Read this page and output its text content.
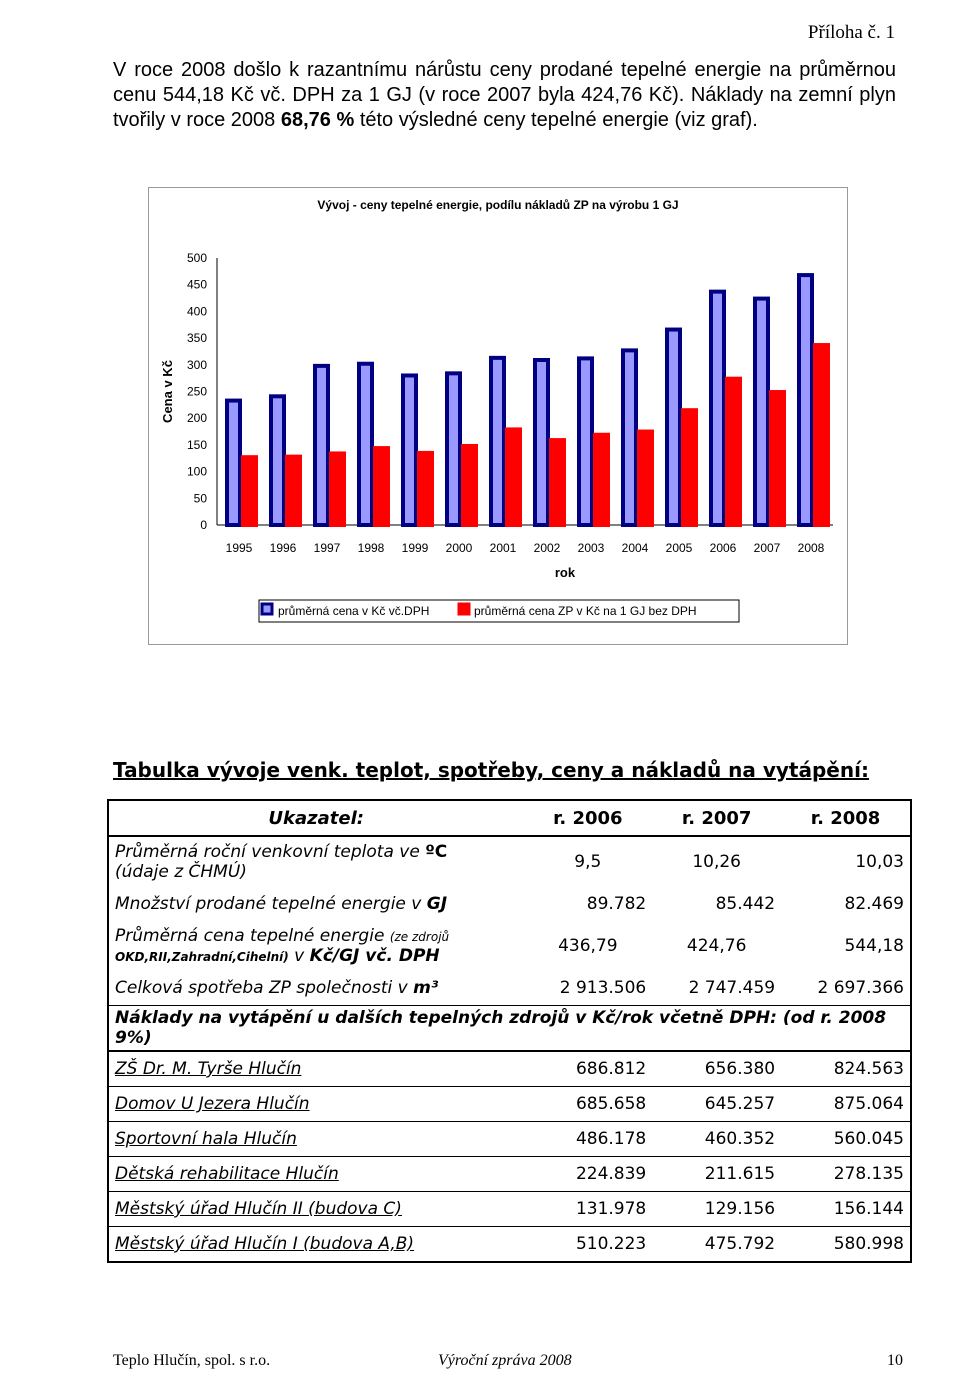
Příloha č. 1
V roce 2008 došlo k razantnímu nárůstu ceny prodané tepelné energie na průměrnou cenu 544,18 Kč vč. DPH za 1 GJ (v roce 2007 byla 424,76 Kč). Náklady na zemní plyn tvořily v roce 2008 68,76 % této výsledné ceny tepelné energie (viz graf).
Vývoj - ceny tepelné energie, podílu nákladů ZP na výrobu 1 GJ
Cena v Kč
0
50
100
150
200
250
300
350
400
450
500
1995 1996 1997 1998 1999 2000 2001 2002 2003 2004 2005 2006 2007 2008
rok
průměrná cena v Kč vč.DPH	průměrná cena ZP v Kč na 1 GJ bez DPH
Tabulka vývoje venk. teplot, spotřeby, ceny a nákladů na vytápění:
Ukazatel:	r. 2006	r. 2007	r. 2008
Průměrná roční venkovní teplota ve ºC
(údaje z ČHMÚ)	9,5	10,26	10,03
Množství prodané tepelné energie v GJ	89.782	85.442	82.469
Průměrná cena tepelné energie (ze zdrojů
OKD,RII,Zahradní,Cihelní) v Kč/GJ vč. DPH	436,79	424,76	544,18
Celková spotřeba ZP společnosti v m³	2 913.506	2 747.459	2 697.366
Náklady na vytápění u dalších tepelných zdrojů v Kč/rok včetně DPH: (od r. 2008 9%)			
ZŠ Dr. M. Tyrše Hlučín	686.812	656.380	824.563
Domov U Jezera Hlučín	685.658	645.257	875.064
Sportovní hala Hlučín	486.178	460.352	560.045
Dětská rehabilitace Hlučín	224.839	211.615	278.135
Městský úřad Hlučín II (budova C)	131.978	129.156	156.144
Městský úřad Hlučín I (budova A,B)	510.223	475.792	580.998
Teplo Hlučín, spol. s r.o.	Výroční zpráva 2008	10
